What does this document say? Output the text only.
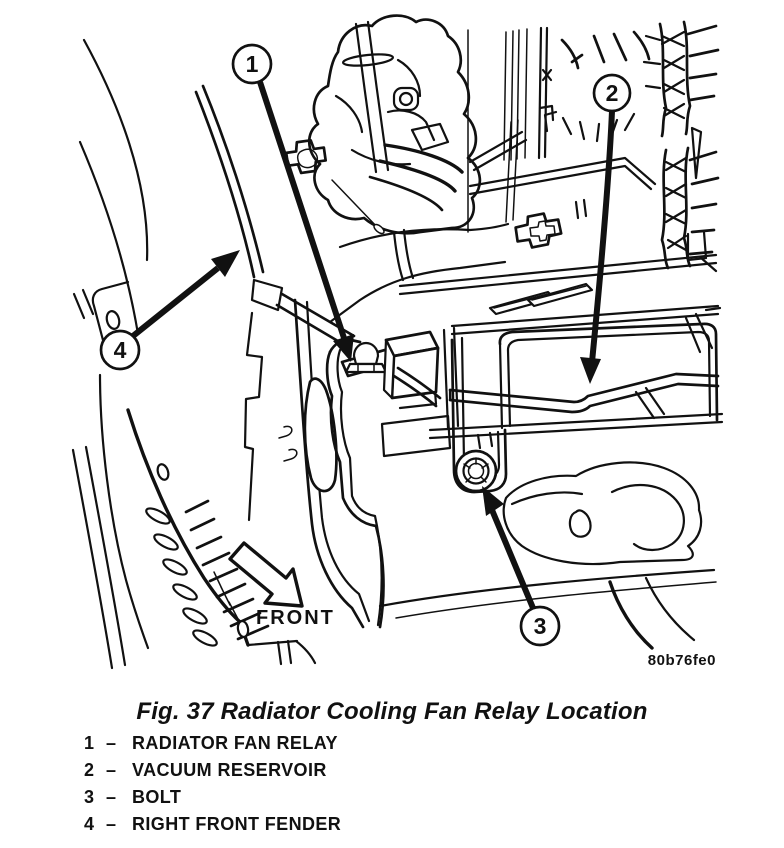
FRONT
80b76fe0
1
2
3
4
Fig. 37 Radiator Cooling Fan Relay Location
1 – RADIATOR FAN RELAY
2 – VACUUM RESERVOIR
3 – BOLT
4 – RIGHT FRONT FENDER
